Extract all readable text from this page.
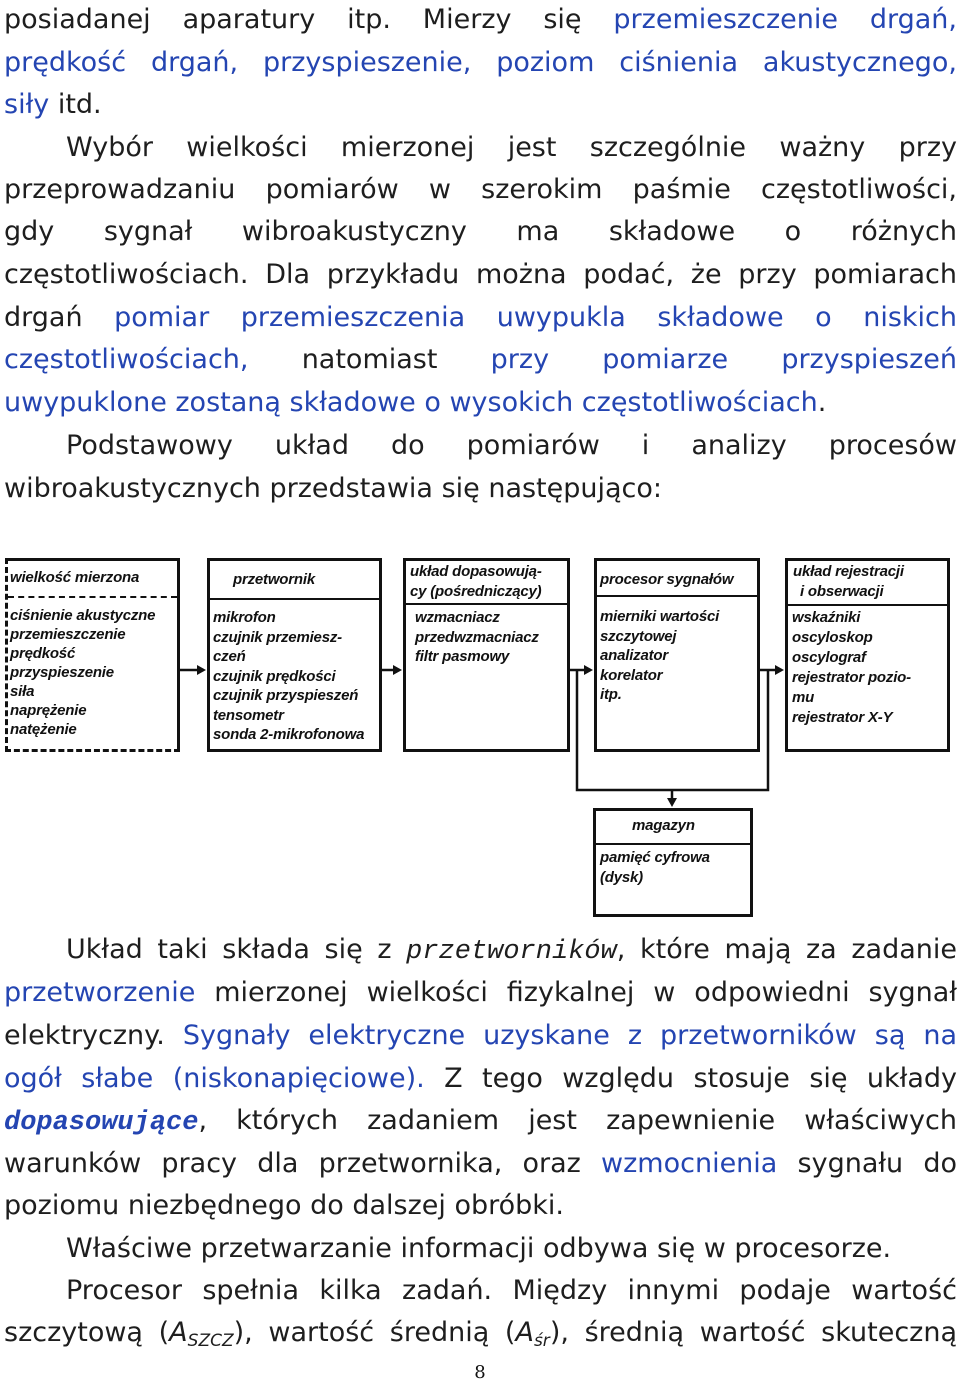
posiadanej aparatury itp. Mierzy się przemieszczenie drgań,
prędkość drgań, przyspieszenie, poziom ciśnienia akustycznego,
siły itd.
Wybór wielkości mierzonej jest szczególnie ważny przy
przeprowadzaniu pomiarów w szerokim paśmie częstotliwości,
gdy sygnał wibroakustyczny ma składowe o różnych
częstotliwościach. Dla przykładu można podać, że przy pomiarach
drgań pomiar przemieszczenia uwypukla składowe o niskich
częstotliwościach, natomiast przy pomiarze przyspieszeń
uwypuklone zostaną składowe o wysokich częstotliwościach.
Podstawowy układ do pomiarów i analizy procesów
wibroakustycznych przedstawia się następująco:
wielkość mierzona
ciśnienie akustyczne
przemieszczenie
prędkość
przyspieszenie
siła
naprężenie
natężenie
przetwornik
mikrofon
czujnik przemiesz-
czeń
czujnik prędkości
czujnik przyspieszeń
tensometr
sonda 2-mikrofonowa
układ dopasowują-
cy (pośredniczący)
wzmacniacz
przedwzmacniacz
filtr pasmowy
procesor sygnałów
mierniki wartości
szczytowej
analizator
korelator
itp.
układ rejestracji
i obserwacji
wskaźniki
oscyloskop
oscylograf
rejestrator pozio-
mu
rejestrator X-Y
magazyn
pamięć cyfrowa
(dysk)
Układ taki składa się z przetworników, które mają za zadanie
przetworzenie mierzonej wielkości fizykalnej w odpowiedni sygnał
elektryczny. Sygnały elektryczne uzyskane z przetworników są na
ogół słabe (niskonapięciowe). Z tego względu stosuje się układy
dopasowujące, których zadaniem jest zapewnienie właściwych
warunków pracy dla przetwornika, oraz wzmocnienia sygnału do
poziomu niezbędnego do dalszej obróbki.
Właściwe przetwarzanie informacji odbywa się w procesorze.
Procesor spełnia kilka zadań. Między innymi podaje wartość
szczytową (ASZCZ), wartość średnią (Aśr), średnią wartość skuteczną
8
